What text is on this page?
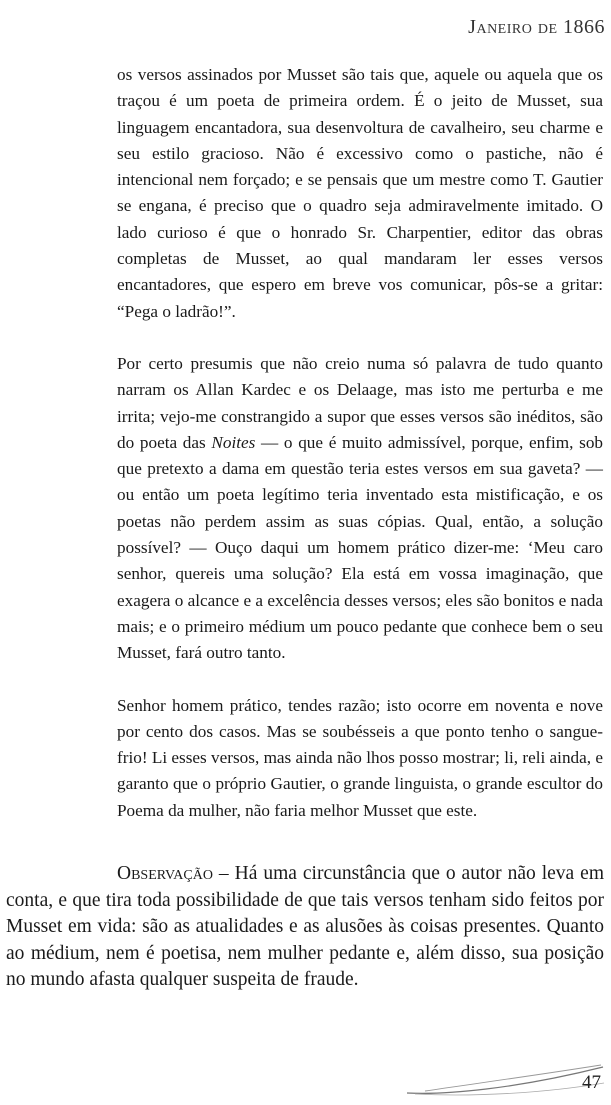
Janeiro de 1866

os versos assinados por Musset são tais que, aquele ou aquela que os traçou é um poeta de primeira ordem. É o jeito de Musset, sua linguagem encantadora, sua desenvoltura de cavalheiro, seu charme e seu estilo gracioso. Não é excessivo como o pastiche, não é intencional nem forçado; e se pensais que um mestre como T. Gautier se engana, é preciso que o quadro seja admiravelmente imitado. O lado curioso é que o honrado Sr. Charpentier, editor das obras completas de Musset, ao qual mandaram ler esses versos encantadores, que espero em breve vos comunicar, pôs-se a gritar: “Pega o ladrão!”.

Por certo presumis que não creio numa só palavra de tudo quanto narram os Allan Kardec e os Delaage, mas isto me perturba e me irrita; vejo-me constrangido a supor que esses versos são inéditos, são do poeta das Noites — o que é muito admissível, porque, enfim, sob que pretexto a dama em questão teria estes versos em sua gaveta? — ou então um poeta legítimo teria inventado esta mistificação, e os poetas não perdem assim as suas cópias. Qual, então, a solução possível? — Ouço daqui um homem prático dizer-me: ‘Meu caro senhor, quereis uma solução? Ela está em vossa imaginação, que exagera o alcance e a excelência desses versos; eles são bonitos e nada mais; e o primeiro médium um pouco pedante que conhece bem o seu Musset, fará outro tanto.

Senhor homem prático, tendes razão; isto ocorre em noventa e nove por cento dos casos. Mas se soubésseis a que ponto tenho o sangue-frio! Li esses versos, mas ainda não lhos posso mostrar; li, reli ainda, e garanto que o próprio Gautier, o grande linguista, o grande escultor do Poema da mulher, não faria melhor Musset que este.

Observação – Há uma circunstância que o autor não leva em conta, e que tira toda possibilidade de que tais versos tenham sido feitos por Musset em vida: são as atualidades e as alusões às coisas presentes. Quanto ao médium, nem é poetisa, nem mulher pedante e, além disso, sua posição no mundo afasta qualquer suspeita de fraude.
47
